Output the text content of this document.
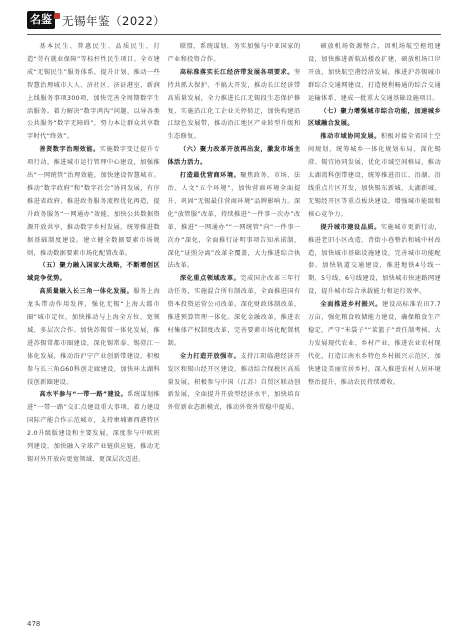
名鉴 无锡年鉴（2022）

基本民生、普惠民生、品质民生，打造“劳有就业保障”等标杆性民生项目。全市建成“无锡民生”服务体系，提升计划、推动一些智慧治理城市人人、济社区、济证港室、新润上线服务事项300项，加快完善全周期数字生活服务。着力解决“数字鸿沟”问题，以导各类公共服务“数字无障碍”，努力本让群众共享数字时代“终效”。

善贤数字治理效能。实施数字变迁提升专项行动，推进城市运行管理中心建设，加强推出“一网统管”治理效能，加快建设智慧城市。推动“数字政府”和“数字社会”协同发展，有序推进省政府、推进政务服务流程优化再造，提升政务服务“一网通办”效能，加快公共数据资源开放共享，推动数字乡村发展，统筹推进数据基础制度建设。建立健全数据要素市场规则，推动数据要素市场化配置改革。

（五）聚力融入国家大战略，不断增创区域竞争优势。

高质量融入长三角一体化发展。服务上海龙头带动作用发挥，强化无锡“上海大都市圈”城市定位，加快推动与上海全方位、宽领域、多层次合作。加快苏锡常一体化发展，推进苏锡常都市圈建设，深化锡常泰、锡澄江一体化发展，推动沿沪宁产业创新带建设，积极参与长三角G60科创走廊建设，加快环太湖科技创新圈建设。

高水平参与“一带一路”建设。系统谋划推进“一带一路”交汇点建设重大事项，着力建设国际产能合作示范城市，支持柬埔寨西港特区2.0升级版建设和主要发展，深度参与中欧班列建设，加快融入全球产业链供应链，推动无锡对外开放向更宽领域、更深层次迈进。

联盟，系统谋划、务实加强与中亚国家的产业和投资合作。

高标准落实长江经济带发展各项要求。坚持共抓大保护、不搞大开发，推动长江经济带高质量发展，全力推进长江无锡段生态保护修复，实施沿江化工企业关停转迁，加快构建沿江绿色发展带，推动沿江地区产业转型升级和生态修复。

（六）聚力改革开放再出发，激发市场主体活力活力。

打造最优营商环境。聚焦政务、市场、法治、人文“五个环境”，加快营商环境全面提升，巩固“无锡最佳营商环境”品牌影响力。深化“放管服”改革，持续推进“一件事一次办”改革，推进“一网通办”“一网统管”向“一件事一次办”深化，全面推行证明事项告知承诺制，深化“证照分离”改革全覆盖，大力推进综合执法改革。

深化重点领域改革。完成国企改革三年行动任务，实施混合所有制改革，全面推进国有资本投资运营公司改革。深化财政体制改革，推进预算管理一体化。深化金融改革，推进农村集体产权制度改革，完善要素市场化配置机制。

全力打造开放强市。支持江阴临港经济开发区和锡山经开区建设，推动综合保税区高质量发展，积极参与中国（江苏）自贸区联动创新发展，全面提升开放型经济水平，加快培育外贸新业态新模式，推动外资外贸稳中提质。

硕放机场资源整合，因机场航空枢纽建设，加快推进新航站楼改扩建，硕放机场口岸开放，加快航空港经济发展，推进沪苏锡城市群综合交通网建设，打造便利畅通的综合交通运输体系，建成一批重大交通基础设施项目。

（七）聚力增强城市综合功能，加速城乡区域融合发展。

推动市域协同发展。积极对接全省国土空间规划，统筹城乡一体化规划布局，深化锡澄、锡宜协同发展，优化市域空间格局，推动太湖湾科创带建设，统筹推进沿江、沿湖、沿线重点片区开发，加快锡东新城、太湖新城、无锡经开区等重点板块建设，增强城市能级和核心竞争力。

提升城市建设品质。实施城市更新行动，推进老旧小区改造、背街小巷整治和城中村改造，加快城市基础设施建设，完善城市功能配套。加快轨道交通建设，推进地铁4号线一期、5号线、6号线建设，加快城市快速路网建设，提升城市综合承载能力和运行效率。

全面推进乡村振兴。建设高标准农田7.7万亩，强化粮食收储能力建设，确保粮食生产稳定，严守“米袋子”“菜篮子”责任制考核。大力发展现代农业、乡村产业，推进农业农村现代化，打造江南水乡特色乡村振兴示范区，加快建设美丽宜居乡村，深入推进农村人居环境整治提升，推动农民持续增收。

478
